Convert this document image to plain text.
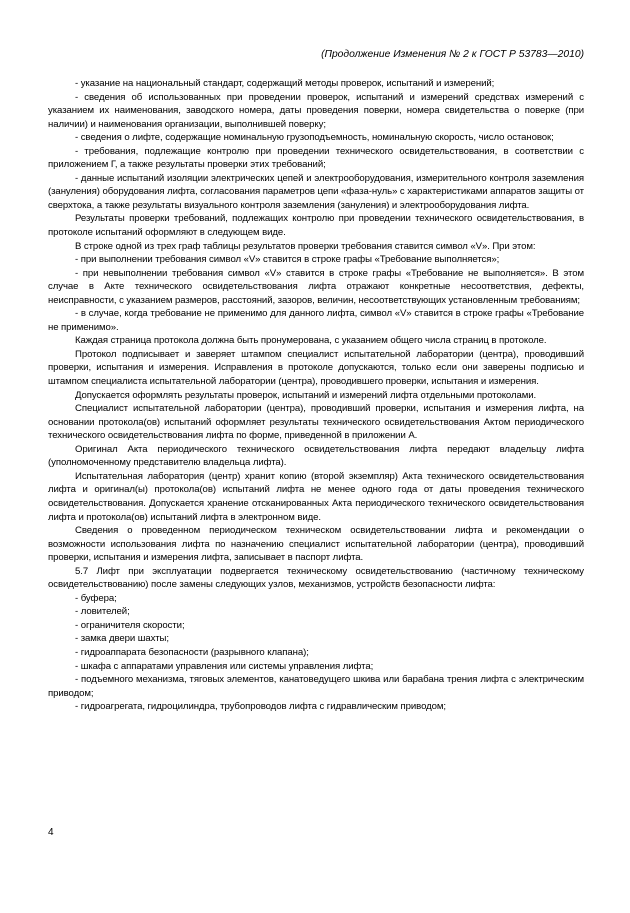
(Продолжение Изменения № 2 к ГОСТ Р 53783—2010)

- указание на национальный стандарт, содержащий методы проверок, испытаний и измерений;

- сведения об использованных при проведении проверок, испытаний и измерений средствах измерений с указанием их наименования, заводского номера, даты проведения поверки, номера свидетельства о поверке (при наличии) и наименования организации, выполнившей поверку;

- сведения о лифте, содержащие номинальную грузоподъемность, номинальную скорость, число остановок;

- требования, подлежащие контролю при проведении технического освидетельствования, в соответствии с приложением Г, а также результаты проверки этих требований;

- данные испытаний изоляции электрических цепей и электрооборудования, измерительного контроля заземления (зануления) оборудования лифта, согласования параметров цепи «фаза-нуль» с характеристиками аппаратов защиты от сверхтока, а также результаты визуального контроля заземления (зануления) и электрооборудования лифта.

Результаты проверки требований, подлежащих контролю при проведении технического освидетельствования, в протоколе испытаний оформляют в следующем виде.

В строке одной из трех граф таблицы результатов проверки требования ставится символ «V». При этом:

- при выполнении требования символ «V» ставится в строке графы «Требование выполняется»;

- при невыполнении требования символ «V» ставится в строке графы «Требование не выполняется». В этом случае в Акте технического освидетельствования лифта отражают конкретные несоответствия, дефекты, неисправности, с указанием размеров, расстояний, зазоров, величин, несоответствующих установленным требованиям;

- в случае, когда требование не применимо для данного лифта, символ «V» ставится в строке графы «Требование не применимо».

Каждая страница протокола должна быть пронумерована, с указанием общего числа страниц в протоколе.

Протокол подписывает и заверяет штампом специалист испытательной лаборатории (центра), проводивший проверки, испытания и измерения. Исправления в протоколе допускаются, только если они заверены подписью и штампом специалиста испытательной лаборатории (центра), проводившего проверки, испытания и измерения.

Допускается оформлять результаты проверок, испытаний и измерений лифта отдельными протоколами.

Специалист испытательной лаборатории (центра), проводивший проверки, испытания и измерения лифта, на основании протокола(ов) испытаний оформляет результаты технического освидетельствования Актом периодического технического освидетельствования лифта по форме, приведенной в приложении А.

Оригинал Акта периодического технического освидетельствования лифта передают владельцу лифта (уполномоченному представителю владельца лифта).

Испытательная лаборатория (центр) хранит копию (второй экземпляр) Акта технического освидетельствования лифта и оригинал(ы) протокола(ов) испытаний лифта не менее одного года от даты проведения технического освидетельствования. Допускается хранение отсканированных Акта периодического технического освидетельствования лифта и протокола(ов) испытаний лифта в электронном виде.

Сведения о проведенном периодическом техническом освидетельствовании лифта и рекомендации о возможности использования лифта по назначению специалист испытательной лаборатории (центра), проводивший проверки, испытания и измерения лифта, записывает в паспорт лифта.

5.7 Лифт при эксплуатации подвергается техническому освидетельствованию (частичному техническому освидетельствованию) после замены следующих узлов, механизмов, устройств безопасности лифта:

- буфера;

- ловителей;

- ограничителя скорости;

- замка двери шахты;

- гидроаппарата безопасности (разрывного клапана);

- шкафа с аппаратами управления или системы управления лифта;

- подъемного механизма, тяговых элементов, канатоведущего шкива или барабана трения лифта с электрическим приводом;

- гидроагрегата, гидроцилиндра, трубопроводов лифта с гидравлическим приводом;

4
